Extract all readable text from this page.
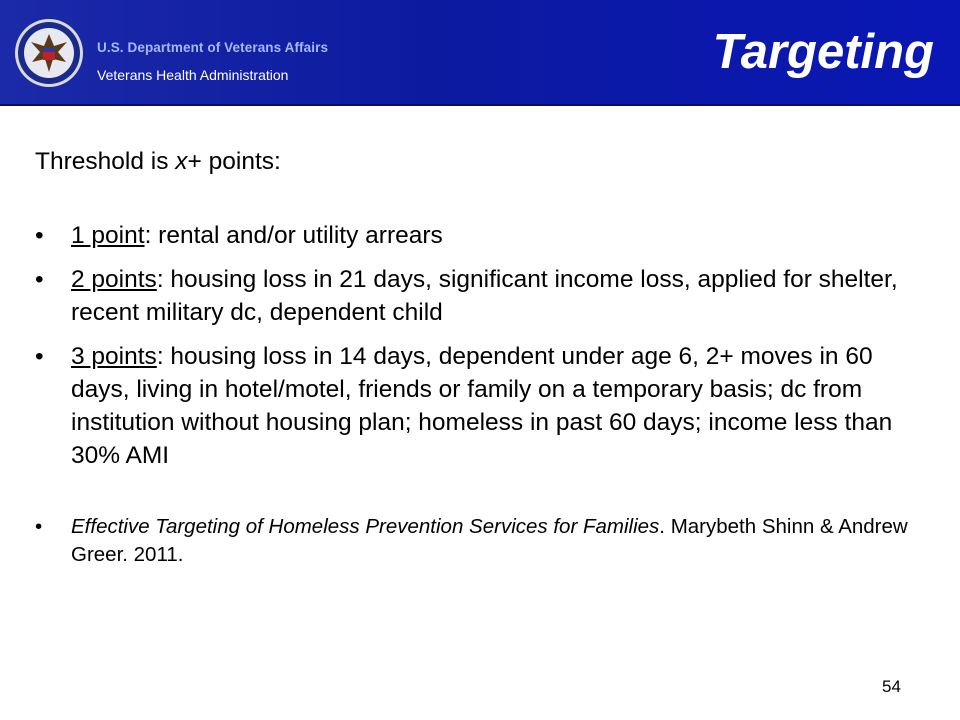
U.S. Department of Veterans Affairs
Veterans Health Administration	Targeting

Threshold is x+ points:

• 1 point: rental and/or utility arrears
• 2 points: housing loss in 21 days, significant income loss, applied for shelter, recent military dc, dependent child
• 3 points: housing loss in 14 days, dependent under age 6, 2+ moves in 60 days, living in hotel/motel, friends or family on a temporary basis; dc from institution without housing plan; homeless in past 60 days; income less than 30% AMI
• Effective Targeting of Homeless Prevention Services for Families. Marybeth Shinn & Andrew Greer. 2011.
54
